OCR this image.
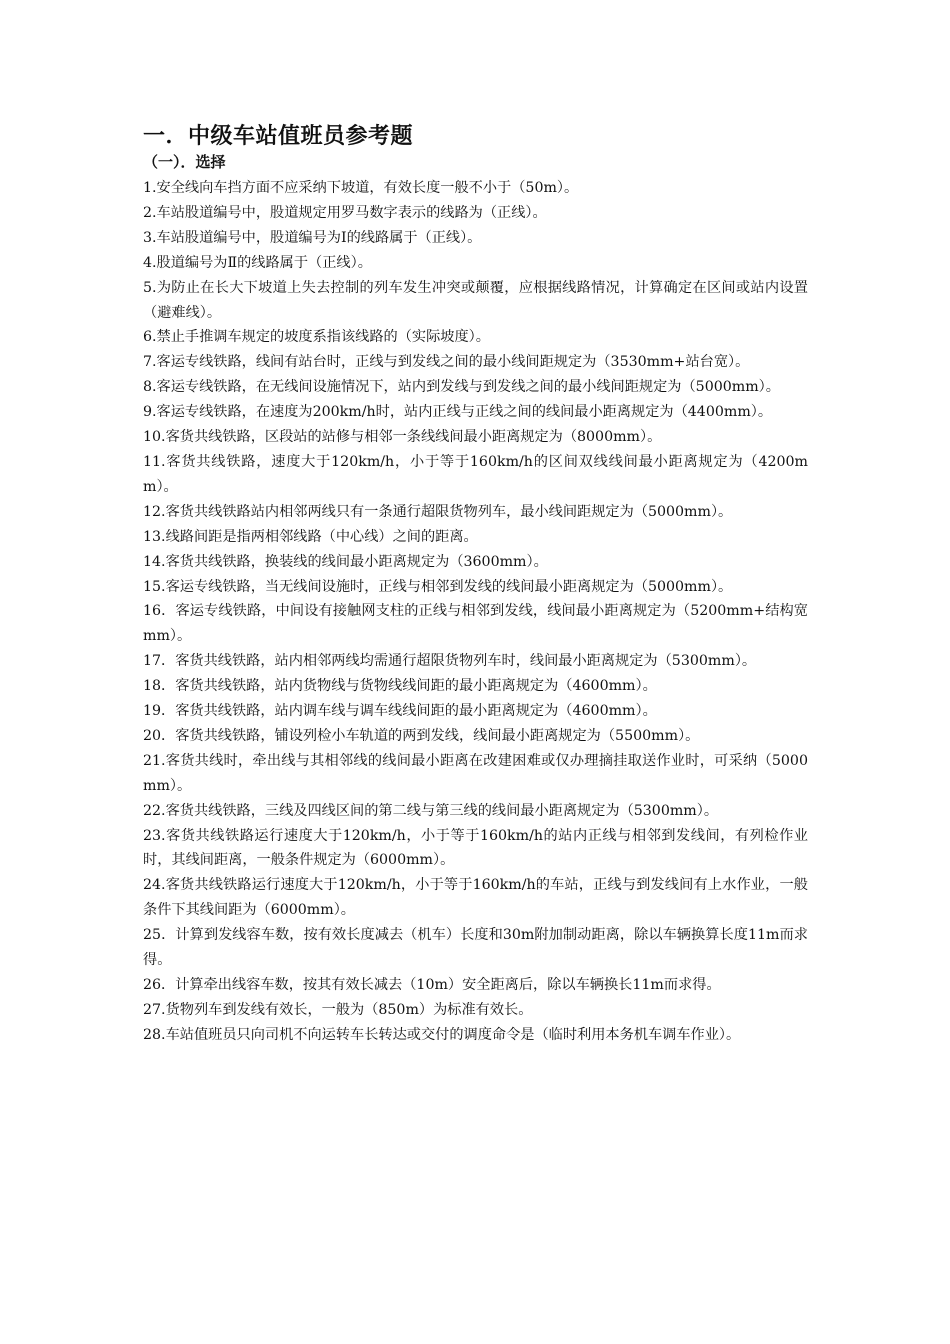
一．中级车站值班员参考题
（一）．选择

1.安全线向车挡方面不应采纳下坡道，有效长度一般不小于（50m）。

2.车站股道编号中，股道规定用罗马数字表示的线路为（正线）。

3.车站股道编号中，股道编号为Ⅰ的线路属于（正线）。

4.股道编号为Ⅱ的线路属于（正线）。

5.为防止在长大下坡道上失去控制的列车发生冲突或颠覆，应根据线路情况，计算确定在区间或站内设置（避难线）。

6.禁止手推调车规定的坡度系指该线路的（实际坡度）。

7.客运专线铁路，线间有站台时，正线与到发线之间的最小线间距规定为（3530mm+站台宽）。

8.客运专线铁路，在无线间设施情况下，站内到发线与到发线之间的最小线间距规定为（5000mm）。

9.客运专线铁路，在速度为200km/h时，站内正线与正线之间的线间最小距离规定为（4400mm）。

10.客货共线铁路，区段站的站修与相邻一条线线间最小距离规定为（8000mm）。

11.客货共线铁路，速度大于120km/h，小于等于160km/h的区间双线线间最小距离规定为（4200mm）。

12.客货共线铁路站内相邻两线只有一条通行超限货物列车，最小线间距规定为（5000mm）。

13.线路间距是指两相邻线路（中心线）之间的距离。

14.客货共线铁路，换装线的线间最小距离规定为（3600mm）。

15.客运专线铁路，当无线间设施时，正线与相邻到发线的线间最小距离规定为（5000mm）。

16．客运专线铁路，中间设有接触网支柱的正线与相邻到发线，线间最小距离规定为（5200mm+结构宽mm）。

17．客货共线铁路，站内相邻两线均需通行超限货物列车时，线间最小距离规定为（5300mm）。

18．客货共线铁路，站内货物线与货物线线间距的最小距离规定为（4600mm）。

19．客货共线铁路，站内调车线与调车线线间距的最小距离规定为（4600mm）。

20．客货共线铁路，铺设列检小车轨道的两到发线，线间最小距离规定为（5500mm）。

21.客货共线时，牵出线与其相邻线的线间最小距离在改建困难或仅办理摘挂取送作业时，可采纳（5000mm）。

22.客货共线铁路，三线及四线区间的第二线与第三线的线间最小距离规定为（5300mm）。

23.客货共线铁路运行速度大于120km/h，小于等于160km/h的站内正线与相邻到发线间，有列检作业时，其线间距离，一般条件规定为（6000mm）。

24.客货共线铁路运行速度大于120km/h，小于等于160km/h的车站，正线与到发线间有上水作业，一般条件下其线间距为（6000mm）。

25．计算到发线容车数，按有效长度减去（机车）长度和30m附加制动距离，除以车辆换算长度11m而求得。

26．计算牵出线容车数，按其有效长减去（10m）安全距离后，除以车辆换长11m而求得。

27.货物列车到发线有效长，一般为（850m）为标准有效长。

28.车站值班员只向司机不向运转车长转达或交付的调度命令是（临时利用本务机车调车作业）。
